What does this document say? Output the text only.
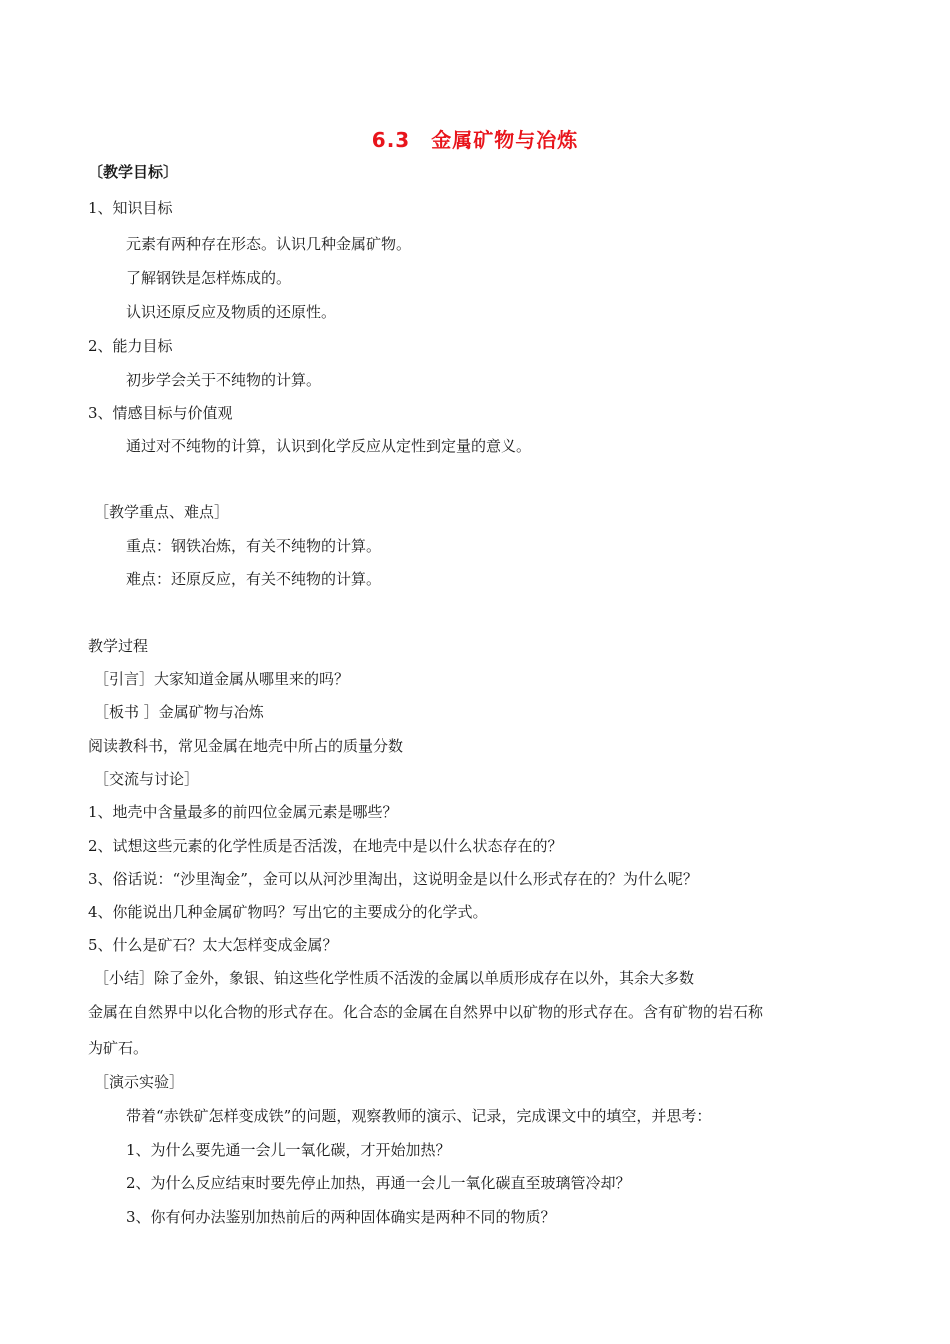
6.3　金属矿物与冶炼
〔教学目标〕
1、知识目标
元素有两种存在形态。认识几种金属矿物。
了解钢铁是怎样炼成的。
认识还原反应及物质的还原性。
2、能力目标
初步学会关于不纯物的计算。
3、情感目标与价值观
通过对不纯物的计算，认识到化学反应从定性到定量的意义。
［教学重点、难点］
重点：钢铁冶炼，有关不纯物的计算。
难点：还原反应，有关不纯物的计算。
教学过程
［引言］大家知道金属从哪里来的吗？
［板书 ］金属矿物与冶炼
阅读教科书，常见金属在地壳中所占的质量分数
［交流与讨论］
1、地壳中含量最多的前四位金属元素是哪些？
2、试想这些元素的化学性质是否活泼，在地壳中是以什么状态存在的？
3、俗话说：“沙里淘金”，金可以从河沙里淘出，这说明金是以什么形式存在的？为什么呢？
4、你能说出几种金属矿物吗？写出它的主要成分的化学式。
5、什么是矿石？太大怎样变成金属？
［小结］除了金外，象银、铂这些化学性质不活泼的金属以单质形成存在以外，其余大多数
金属在自然界中以化合物的形式存在。化合态的金属在自然界中以矿物的形式存在。含有矿物的岩石称
为矿石。
［演示实验］
带着“赤铁矿怎样变成铁”的问题，观察教师的演示、记录，完成课文中的填空，并思考：
1、为什么要先通一会儿一氧化碳，才开始加热？
2、为什么反应结束时要先停止加热，再通一会儿一氧化碳直至玻璃管冷却？
3、你有何办法鉴别加热前后的两种固体确实是两种不同的物质？
